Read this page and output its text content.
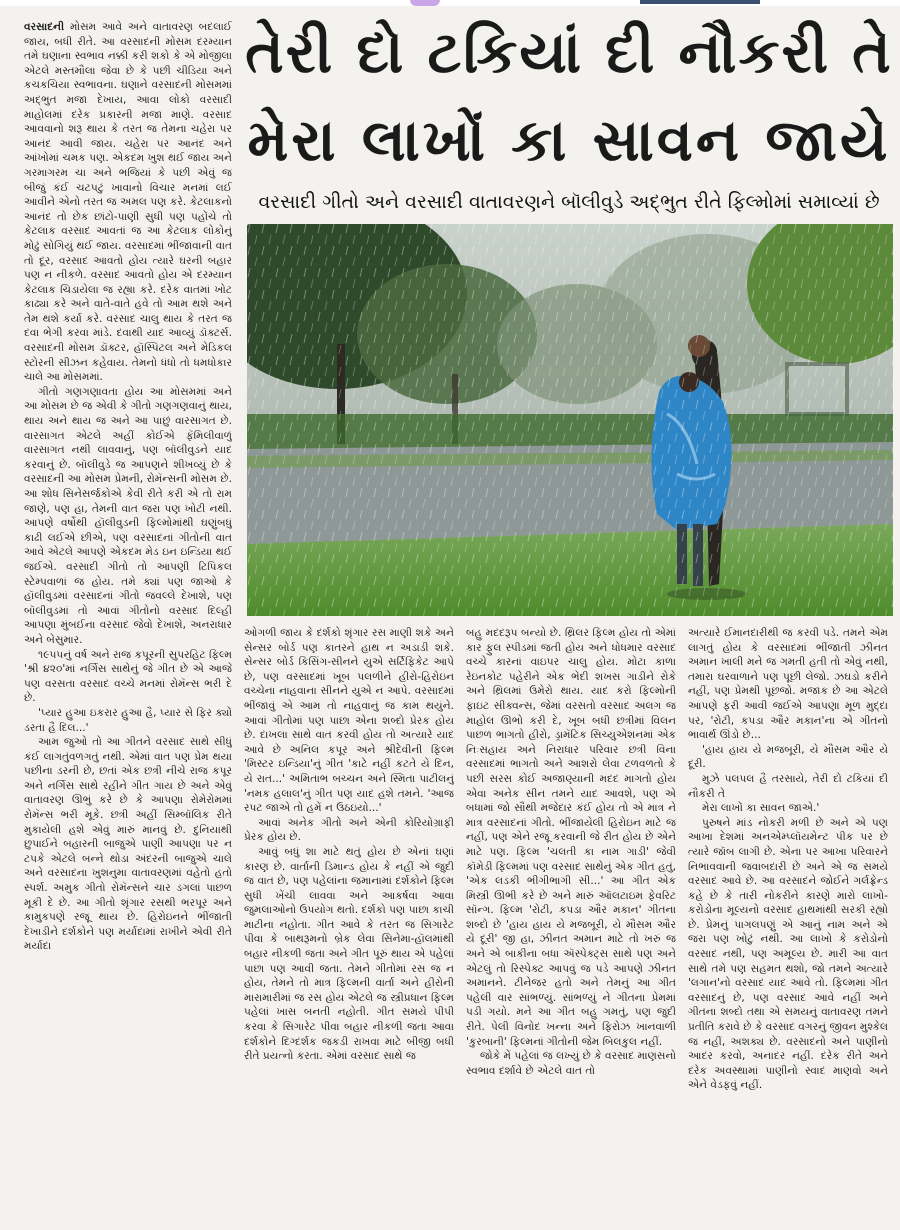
વરસાદની મોસમ આવે અને વાતાવરણ બદલાઈ જાય, બધી રીતે. આ વરસાદની મોસમ દરમ્યાન તમે ઘણાના સ્વભાવ નક્કી કરી શકો કે એ મોજીલા એટલે મસ્તમૌલા જેવા છે કે પછી ચીડિયા અને કચકચિયા સ્વભાવના. ઘણાને વરસાદની મોસમમાં અદ્ભુત મજા દેખાય, આવા લોકો વરસાદી માહોલમાં દરેક પ્રકારની મજા માણે. વરસાદ આવવાનો શરૂ થાય કે તરત જ તેમના ચહેરા પર આનંદ આવી જાય. ચહેરા પર આનંદ અને આંખોમાં ચમક પણ. એકદમ ખુશ થઈ જાય અને ગરમાગરમ ચા અને ભજિયાં કે પછી એવું જ બીજું કંઈ ચટપટું ખાવાનો વિચાર મનમાં લઈ આવીને એનો તરત જ અમલ પણ કરે. કેટલાકનો આનંદ તો છેક છાંટો-પાણી સુધી પણ પહોંચે તો કેટલાક વરસાદ આવતાં જ આ કેટલાક લોકોનું મોઢું સોગિયું થઈ જાય. વરસાદમાં ભીંજાવાની વાત તો દૂર, વરસાદ આવતો હોય ત્યારે ઘરની બહાર પણ ન નીકળે. વરસાદ આવતો હોય એ દરમ્યાન કેટલાક ચિડાયેલા જ રહ્યા કરે. દરેક વાતમાં ખોટ કાઢ્યા કરે અને વાતે-વાતે હવે તો આમ થશે અને તેમ થશે કર્યા કરે. વરસાદ ચાલુ થાય કે તરત જ દવા ભેગી કરવા માંડે. દવાથી યાદ આવ્યું ડૉક્ટર્સ. વરસાદની મોસમ ડૉક્ટર, હૉસ્પિટલ અને મેડિકલ સ્ટોરની સીઝન કહેવાય. તેમનો ધંધો તો ધમધોકાર ચાલે આ મોસમમાં.

ગીતો ગણગણાવતા હોય આ મોસમમાં અને આ મોસમ છે જ એવી કે ગીતો ગણગણવાનું થાય, થાય અને થાય જ અને આ પાછું વારસાગત છે. વારસાગત એટલે અહીં કોઈએ ફૅમિલીવાળું વારસાગત નથી લાવવાનું, પણ બૉલીવુડને યાદ કરવાનું છે. બૉલીવુડે જ આપણને શીખવ્યું છે કે વરસાદની આ મોસમ પ્રેમની, રોમૅન્સની મોસમ છે. આ શોધ સિનેસર્જકોએ કેવી રીતે કરી એ તો રામ જાણે, પણ હા, તેમની વાત જરા પણ ખોટી નથી. આપણે વર્ષોથી હૉલીવુડની ફિલ્મોમાંથી ઘણુંબધું કાઢી લઈએ છીએ, પણ વરસાદનાં ગીતોની વાત આવે એટલે આપણે એકદમ મેડ ઇન ઇન્ડિયા થઈ જઈએ. વરસાદી ગીતો તો આપણી ટિપિકલ સ્ટેમ્પવાળાં જ હોય. તમે ક્યાં પણ જાઓ કે હૉલીવુડમાં વરસાદનાં ગીતો જવલ્લે દેખાશે, પણ બૉલીવુડમાં તો આવાં ગીતોનો વરસાદ દિલ્હી આપણા મુંબઈના વરસાદ જેવો દેખાશે, અનરાધાર અને બેસુમાર.

૧૯૫૫નું વર્ષ અને રાજ કપૂરની સુપરહિટ ફિલ્મ 'શ્રી ૪૨૦'માં નર્ગિસ સાથેનું જે ગીત છે એ આજે પણ વરસતા વરસાદ વચ્ચે મનમાં રોમૅન્સ ભરી દે છે.

'પ્યાર હુઆ ઇકરાર હુઆ હૈ, પ્યાર સે ફિર ક્યોં ડરતા હૈ દિલ...'

આમ જુઓ તો આ ગીતને વરસાદ સાથે સીધું કંઈ લાગતુંવળગતું નથી. એમાં વાત પણ પ્રેમ થયા પછીના ડરની છે, છતાં એક છત્રી નીચે રાજ કપૂર અને નર્ગિસ સાથે રહીને ગીત ગાય છે અને એવું વાતાવરણ ઊભું કરે છે કે આપણા રોમેરોમમાં રોમૅન્સ ભરી મૂકે. છત્રી અહીં સિમ્બૉલિક રીતે મુકાયેલી હશે એવું મારું માનવું છે. દુનિયાથી છુપાઈને બહારની બાજુએ પાણી આપણા પર ન ટપકે એટલે બન્ને થોડા અંદરની બાજુએ ચાલે અને વરસાદના ખુશનુમા વાતાવરણમાં વહેતો હતો સ્પર્શ. અમુક ગીતો રોમૅન્સને ચાર ડગલાં પાછળ મૂકી દે છે. આ ગીતો શૃંગાર રસથી ભરપૂર અને કામુકપણે રજૂ થાય છે. હિરોઇનને ભીંજાતી દેખાડીને દર્શકોને પણ મર્યાદામાં રાખીને એવી રીતે મર્યાદા

તેરી દો ટકિયાં દી નૌકરી તે
મેરા લાખોં કા સાવન જાયે
વરસાદી ગીતો અને વરસાદી વાતાવરણને બૉલીવુડે અદ્ભુત રીતે ફિલ્મોમાં સમાવ્યાં છે

ઓગળી જાય કે દર્શકો શૃંગાર રસ માણી શકે અને સેન્સર બોર્ડ પણ કાતરને હાથ ન અડાડી શકે. સેન્સર બોર્ડ કિસિંગ-સીનને યુએ સર્ટિફિકેટ આપે છે, પણ વરસાદમાં ખૂબ પલળીને હીરો-હિરોઇન વચ્ચેના નાહવાના સીનને યુએ ન આપે. વરસાદમાં ભીંજાવું એ આમ તો નાહવાનું જ કામ થયુંને. આવાં ગીતોમાં પણ પાછા એના શબ્દો પ્રેરક હોય છે. દાખલા સાથે વાત કરવી હોય તો અત્યારે યાદ આવે છે અનિલ કપૂર અને શ્રીદેવીની ફિલ્મ 'મિસ્ટર ઇન્ડિયા'નું ગીત 'કાટે નહીં કટતે યે દિન, યે રાત...' અમિતાભ બચ્ચન અને સ્મિતા પાટીલનું 'નમક હલાલ'નું ગીત પણ યાદ હશે તમને. 'આજ રપટ જાએ તો હમેં ન ઉઠઇયો...'

આવાં અનેક ગીતો અને એની કોરિયોગ્રાફી પ્રેરક હોય છે.

આવું બધું શા માટે થતું હોય છે એનાં ઘણાં કારણ છે. વાર્તાની ડિમાન્ડ હોય કે નહીં એ જુદી જ વાત છે, પણ પહેલાંના જમાનામાં દર્શકોને ફિલ્મ સુધી ખેંચી લાવવા અને આકર્ષવા આવા જુમલાઓનો ઉપયોગ થતો. દર્શકો પણ પાછા કાચી માટીના નહોતા. ગીત આવે કે તરત જ સિગારેટ પીવા કે બાથરૂમનો બ્રેક લેવા સિનેમા-હૉલમાંથી બહાર નીકળી જતા અને ગીત પૂરું થાય એ પહેલાં પાછા પણ આવી જતા. તેમને ગીતોમાં રસ જ ન હોય, તેમને તો માત્ર ફિલ્મની વાર્તા અને હીરોની મારામારીમાં જ રસ હોય એટલે જ સ્ત્રીપ્રધાન ફિલ્મ પહેલાં ખાસ બનતી નહોતી. ગીત સમયે પીપી કરવા કે સિગારેટ પીવા બહાર નીકળી જતા આવા દર્શકોને દિગ્દર્શક જકડી રાખવા માટે બીજી બધી રીતે પ્રયત્નો કરતા. એમાં વરસાદ સાથે જ

બહુ મદદરૂપ બન્યો છે. થ્રિલર ફિલ્મ હોય તો એમાં કાર ફુલ સ્પીડમાં જતી હોય અને ધોધમાર વરસાદ વચ્ચે કારનાં વાઇપર ચાલુ હોય. મોટા કાળા રેઇનકોટ પહેરીને એક ભેદી શખસ ગાડીને રોકે અને થ્રિલમાં ઉમેરો થાય. યાદ કરો ફિલ્મોની ફાઇટ સીક્વન્સ, જેમાં વરસતો વરસાદ અલગ જ માહોલ ઊભો કરી દે, ખૂબ બધી છત્રીમાં વિલન પાછળ ભાગતો હીરો, ડ્રામૅટિક સિચ્યુએશનમાં એક નિઃસહાય અને નિરાધાર પરિવાર છત્રી વિના વરસાદમાં ભાગતો અને આશરો લેવા ટળવળતો કે પછી સરસ કોઈ અજાણ્યાની મદદ માગતો હોય એવા અનેક સીન તમને યાદ આવશે, પણ એ બધામાં જો સૌથી મજેદાર કંઈ હોય તો એ માત્ર ને માત્ર વરસાદનાં ગીતો. ભીંજાયેલી હિરોઇન માટે જ નહીં, પણ એને રજૂ કરવાની જે રીત હોય છે એને માટે પણ. ફિલ્મ 'ચલતી કા નામ ગાડી' જેવી કૉમેડી ફિલ્મમાં પણ વરસાદ સાથેનું એક ગીત હતું, 'એક લડકી ભીગીભાગી સી...' આ ગીત એક મિસ્ત્રી ઊભી કરે છે અને મારું ઑલટાઇમ ફેવરિટ સૉન્ગ. ફિલ્મ 'રોટી, કપડા ઔર મકાન' ગીતના શબ્દો છે 'હાય હાય યે મજબૂરી, યે મૌસમ ઔર યે દૂરી' જી હા, ઝીનત અમાન માટે તો ખરું જ અને એ બાકીના બધા ઍસ્પેક્ટ્સ સાથે પણ અને એટલું તો રિસ્પેક્ટ આપવું જ પડે આપણે ઝીનત અમાનને. ટીનેજર હતો અને તેમનું આ ગીત પહેલી વાર સાંભળ્યું. સાંભળ્યું ને ગીતના પ્રેમમાં પડી ગયો. મને આ ગીત બહુ ગમતું, પણ જુદી રીતે. પેલી વિનોદ ખન્ના અને ફિરોઝ ખાનવાળી 'કુરબાની' ફિલ્મનાં ગીતોની જેમ બિલકુલ નહીં.

જોકે મેં પહેલાં જ લખ્યું છે કે વરસાદ માણસનો સ્વભાવ દર્શાવે છે એટલે વાત તો

અત્યારે ઈમાનદારીથી જ કરવી પડે. તમને એમ લાગતું હોય કે વરસાદમાં ભીંજાતી ઝીનત અમાન ખાલી મને જ ગમતી હતી તો એવું નથી, તમારા ઘરવાળાને પણ પૂછી લેજો. ઝઘડો કરીને નહીં, પણ પ્રેમથી પૂછજો. મજાક છે આ એટલે આપણે ફરી આવી જઈએ આપણા મૂળ મુદ્દા પર, 'રોટી, કપડા ઔર મકાન'ના એ ગીતનો ભાવાર્થ ઊંડો છે...

'હાય હાય યે મજબૂરી, યે મૌસમ ઔર યે દૂરી.

મુઝે પલપલ હૈ તરસાયે, તેરી દો ટકિયાં દી નૌકરી તે

મેરા લાખોં કા સાવન જાએ.'

પુરુષને માંડ નોકરી મળી છે અને એ પણ આખા દેશમાં અનએમ્પ્લૉયમેન્ટ પીક પર છે ત્યારે જૉબ લાગી છે. એના પર આખા પરિવારને નિભાવવાની જવાબદારી છે અને એ જ સમયે વરસાદ આવે છે. આ વરસાદને જોઈને ગર્લફ્રેન્ડ કહે છે કે તારી નોકરીને કારણે મારો લાખો-કરોડોના મૂલ્યનો વરસાદ હાથમાંથી સરકી રહ્યો છે. પ્રેમનું પાગલપણું એ આનું નામ અને એ જરા પણ ખોટું નથી. આ લાખો કે કરોડોનો વરસાદ નથી, પણ અમૂલ્ય છે. મારી આ વાત સાથે તમે પણ સહમત થશો, જો તમને અત્યારે 'લગાન'નો વરસાદ યાદ આવે તો. ફિલ્મમાં ગીત વરસાદનું છે, પણ વરસાદ આવે નહીં અને ગીતના શબ્દો તથા એ સમયનું વાતાવરણ તમને પ્રતીતિ કરાવે છે કે વરસાદ વગરનું જીવન મુશ્કેલ જ નહીં, અશક્ય છે. વરસાદનો અને પાણીનો આદર કરવો, અનાદર નહીં. દરેક રીતે અને દરેક અવસ્થામાં પાણીનો સ્વાદ માણવો અને એને વેડફવું નહીં.
